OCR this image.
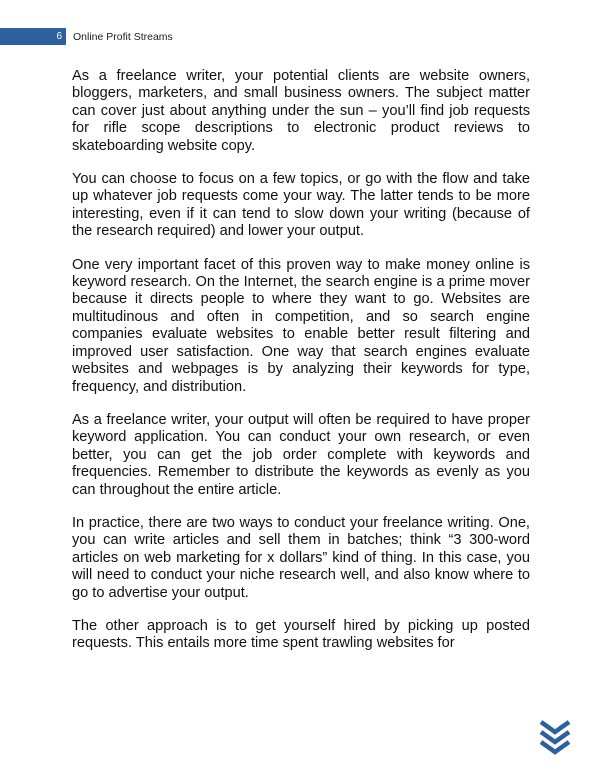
6 Online Profit Streams

As a freelance writer, your potential clients are website owners, bloggers, marketers, and small business owners. The subject matter can cover just about anything under the sun – you’ll find job requests for rifle scope descriptions to electronic product reviews to skateboarding website copy.

You can choose to focus on a few topics, or go with the flow and take up whatever job requests come your way. The latter tends to be more interesting, even if it can tend to slow down your writing (because of the research required) and lower your output.

One very important facet of this proven way to make money online is keyword research. On the Internet, the search engine is a prime mover because it directs people to where they want to go. Websites are multitudinous and often in competition, and so search engine companies evaluate websites to enable better result filtering and improved user satisfaction. One way that search engines evaluate websites and webpages is by analyzing their keywords for type, frequency, and distribution.

As a freelance writer, your output will often be required to have proper keyword application. You can conduct your own research, or even better, you can get the job order complete with keywords and frequencies. Remember to distribute the keywords as evenly as you can throughout the entire article.

In practice, there are two ways to conduct your freelance writing. One, you can write articles and sell them in batches; think “3 300-word articles on web marketing for x dollars” kind of thing. In this case, you will need to conduct your niche research well, and also know where to go to advertise your output.

The other approach is to get yourself hired by picking up posted requests. This entails more time spent trawling websites for
